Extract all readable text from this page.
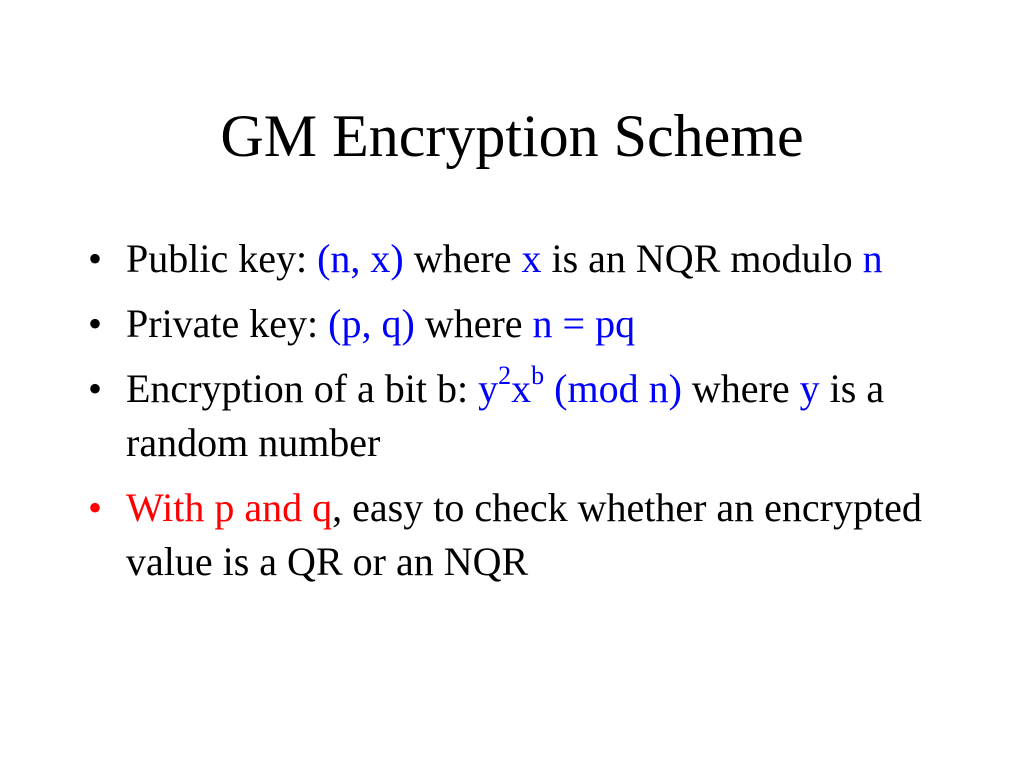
GM Encryption Scheme
• Public key: (n, x) where x is an NQR modulo n
• Private key: (p, q) where n = pq
• Encryption of a bit b: $y^2x^b$ (mod n) where y is a random number
• With p and q, easy to check whether an encrypted value is a QR or an NQR
